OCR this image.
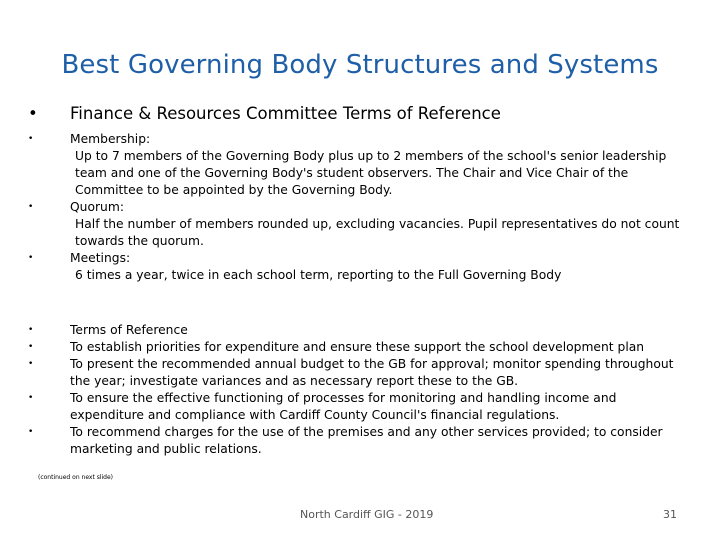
Best Governing Body Structures and Systems
• Finance & Resources Committee Terms of Reference
•	Membership:
Up to 7 members of the Governing Body plus up to 2 members of the school's senior leadership team and one of the Governing Body's student observers. The Chair and Vice Chair of the Committee to be appointed by the Governing Body.
•	Quorum:
Half the number of members rounded up, excluding vacancies. Pupil representatives do not count towards the quorum.
•	Meetings:
6 times a year, twice in each school term, reporting to the Full Governing Body
•	Terms of Reference
•	To establish priorities for expenditure and ensure these support the school development plan
•	To present the recommended annual budget to the GB for approval; monitor spending throughout the year; investigate variances and as necessary report these to the GB.
•	To ensure the effective functioning of processes for monitoring and handling income and expenditure and compliance with Cardiff County Council's financial regulations.
•	To recommend charges for the use of the premises and any other services provided; to consider marketing and public relations.
(continued on next slide)
North Cardiff GIG - 2019	31
